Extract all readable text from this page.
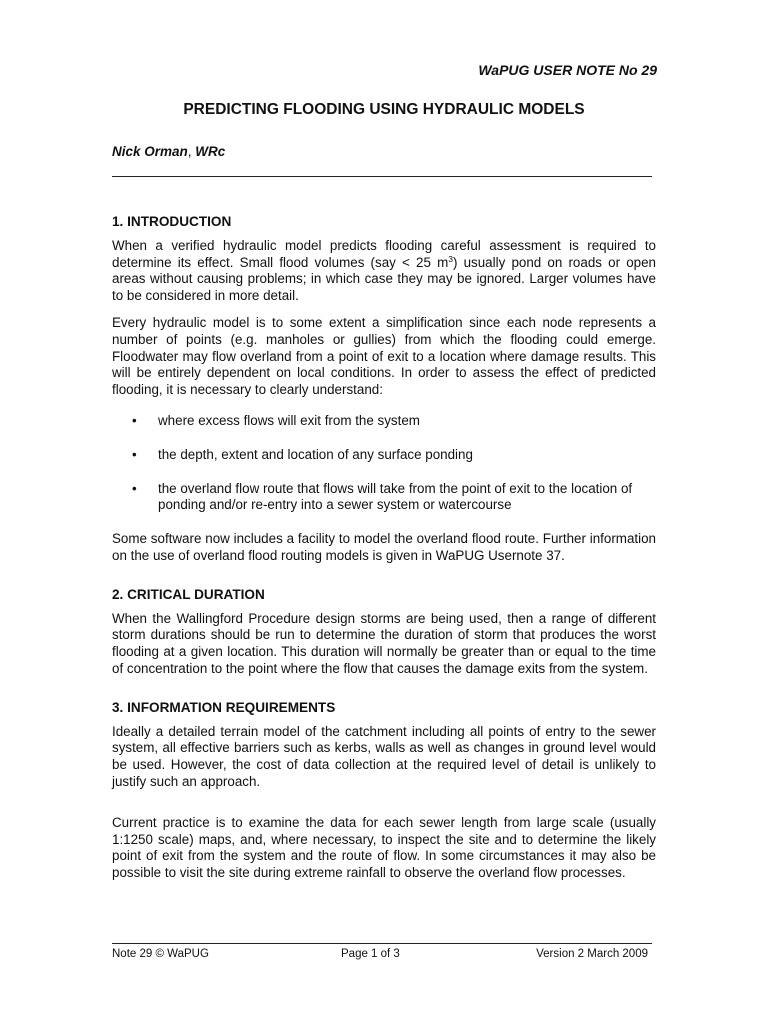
WaPUG USER NOTE No 29

PREDICTING FLOODING USING HYDRAULIC MODELS

Nick Orman, WRc

1. INTRODUCTION

When a verified hydraulic model predicts flooding careful assessment is required to determine its effect. Small flood volumes (say < 25 $m^3$) usually pond on roads or open areas without causing problems; in which case they may be ignored. Larger volumes have to be considered in more detail.

Every hydraulic model is to some extent a simplification since each node represents a number of points (e.g. manholes or gullies) from which the flooding could emerge. Floodwater may flow overland from a point of exit to a location where damage results. This will be entirely dependent on local conditions. In order to assess the effect of predicted flooding, it is necessary to clearly understand:

• where excess flows will exit from the system
• the depth, extent and location of any surface ponding
• the overland flow route that flows will take from the point of exit to the location of ponding and/or re-entry into a sewer system or watercourse

Some software now includes a facility to model the overland flood route. Further information on the use of overland flood routing models is given in WaPUG Usernote 37.

2. CRITICAL DURATION

When the Wallingford Procedure design storms are being used, then a range of different storm durations should be run to determine the duration of storm that produces the worst flooding at a given location. This duration will normally be greater than or equal to the time of concentration to the point where the flow that causes the damage exits from the system.

3. INFORMATION REQUIREMENTS

Ideally a detailed terrain model of the catchment including all points of entry to the sewer system, all effective barriers such as kerbs, walls as well as changes in ground level would be used. However, the cost of data collection at the required level of detail is unlikely to justify such an approach.

Current practice is to examine the data for each sewer length from large scale (usually 1:1250 scale) maps, and, where necessary, to inspect the site and to determine the likely point of exit from the system and the route of flow. In some circumstances it may also be possible to visit the site during extreme rainfall to observe the overland flow processes.

Note 29 © WaPUG	Page 1 of 3	Version 2 March 2009
